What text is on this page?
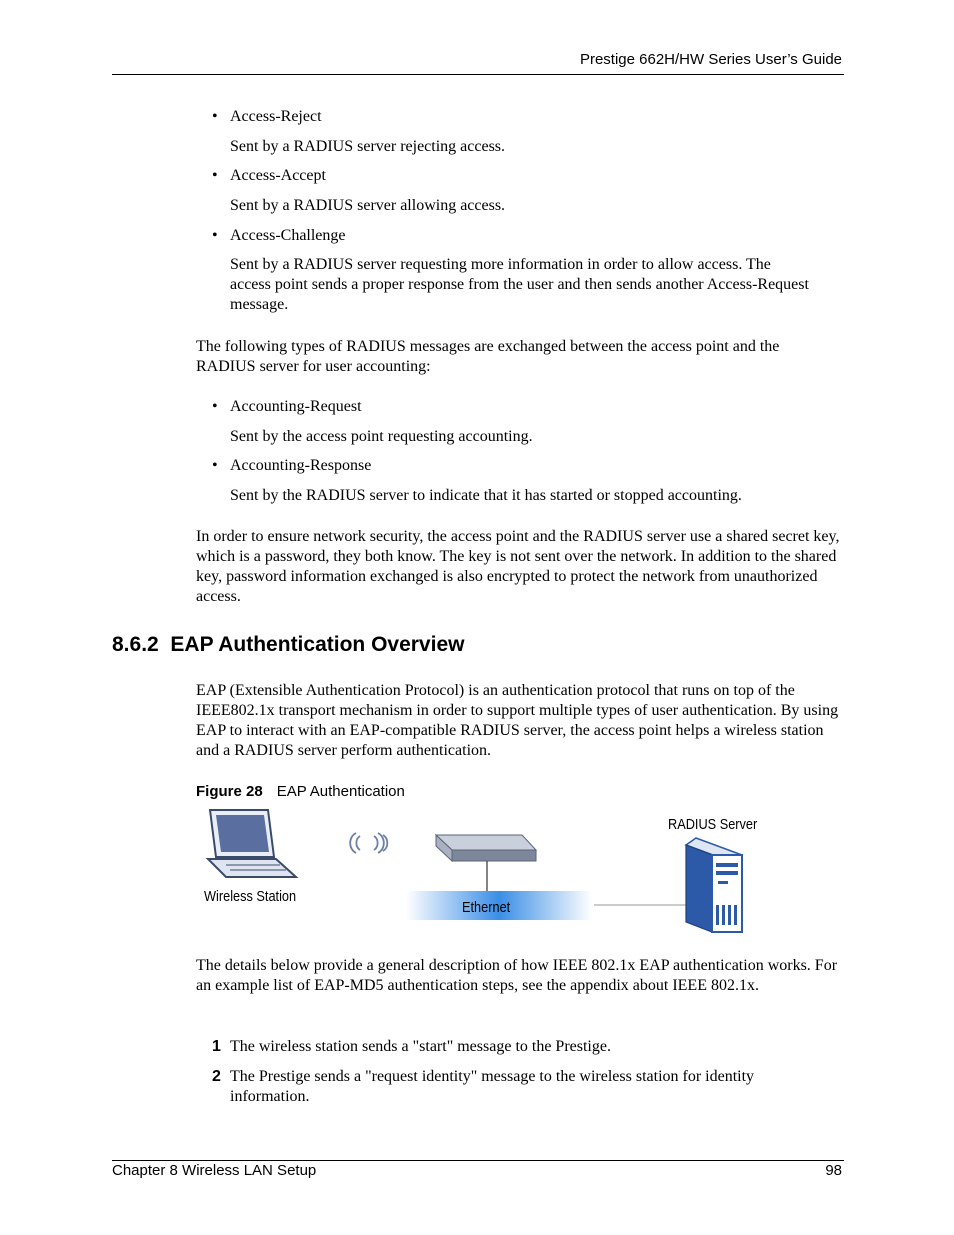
Prestige 662H/HW Series User’s Guide
• Access-Reject
Sent by a RADIUS server rejecting access.
• Access-Accept
Sent by a RADIUS server allowing access.
• Access-Challenge
Sent by a RADIUS server requesting more information in order to allow access. The access point sends a proper response from the user and then sends another Access-Request message.
The following types of RADIUS messages are exchanged between the access point and the RADIUS server for user accounting:
• Accounting-Request
Sent by the access point requesting accounting.
• Accounting-Response
Sent by the RADIUS server to indicate that it has started or stopped accounting.
In order to ensure network security, the access point and the RADIUS server use a shared secret key, which is a password, they both know. The key is not sent over the network. In addition to the shared key, password information exchanged is also encrypted to protect the network from unauthorized access.
8.6.2 EAP Authentication Overview
EAP (Extensible Authentication Protocol) is an authentication protocol that runs on top of the IEEE802.1x transport mechanism in order to support multiple types of user authentication. By using EAP to interact with an EAP-compatible RADIUS server, the access point helps a wireless station and a RADIUS server perform authentication.
Figure 28 EAP Authentication
Wireless Station
Ethernet
RADIUS Server
The details below provide a general description of how IEEE 802.1x EAP authentication works. For an example list of EAP-MD5 authentication steps, see the appendix about IEEE 802.1x.
1 The wireless station sends a "start" message to the Prestige.
2 The Prestige sends a "request identity" message to the wireless station for identity information.
Chapter 8 Wireless LAN Setup	98
